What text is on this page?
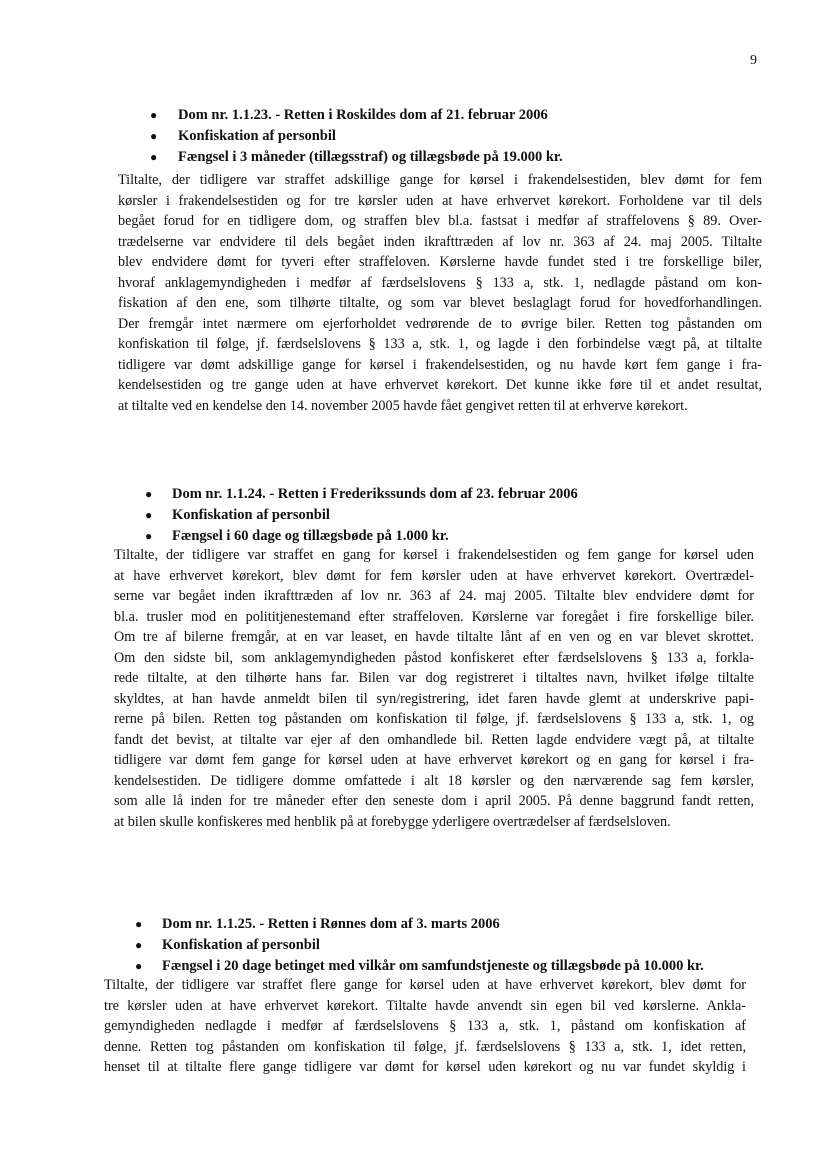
9
● Dom nr. 1.1.23. - Retten i Roskildes dom af 21. februar 2006
● Konfiskation af personbil
● Fængsel i 3 måneder (tillægsstraf) og tillægsbøde på 19.000 kr.

Tiltalte, der tidligere var straffet adskillige gange for kørsel i frakendelsestiden, blev dømt for fem
kørsler i frakendelsestiden og for tre kørsler uden at have erhvervet kørekort. Forholdene var til dels
begået forud for en tidligere dom, og straffen blev bl.a. fastsat i medfør af straffelovens § 89. Over-
trædelserne var endvidere til dels begået inden ikrafttræden af lov nr. 363 af 24. maj 2005. Tiltalte
blev endvidere dømt for tyveri efter straffeloven. Kørslerne havde fundet sted i tre forskellige biler,
hvoraf anklagemyndigheden i medfør af færdselslovens § 133 a, stk. 1, nedlagde påstand om kon-
fiskation af den ene, som tilhørte tiltalte, og som var blevet beslaglagt forud for hovedforhandlingen.
Der fremgår intet nærmere om ejerforholdet vedrørende de to øvrige biler. Retten tog påstanden om
konfiskation til følge, jf. færdselslovens § 133 a, stk. 1, og lagde i den forbindelse vægt på, at tiltalte
tidligere var dømt adskillige gange for kørsel i frakendelsestiden, og nu havde kørt fem gange i fra-
kendelsestiden og tre gange uden at have erhvervet kørekort. Det kunne ikke føre til et andet resultat,
at tiltalte ved en kendelse den 14. november 2005 havde fået gengivet retten til at erhverve kørekort.

● Dom nr. 1.1.24. - Retten i Frederikssunds dom af 23. februar 2006
● Konfiskation af personbil
● Fængsel i 60 dage og tillægsbøde på 1.000 kr.

Tiltalte, der tidligere var straffet en gang for kørsel i frakendelsestiden og fem gange for kørsel uden
at have erhvervet kørekort, blev dømt for fem kørsler uden at have erhvervet kørekort. Overtrædel-
serne var begået inden ikrafttræden af lov nr. 363 af 24. maj 2005. Tiltalte blev endvidere dømt for
bl.a. trusler mod en polititjenestemand efter straffeloven. Kørslerne var foregået i fire forskellige biler.
Om tre af bilerne fremgår, at en var leaset, en havde tiltalte lånt af en ven og en var blevet skrottet.
Om den sidste bil, som anklagemyndigheden påstod konfiskeret efter færdselslovens § 133 a, forkla-
rede tiltalte, at den tilhørte hans far. Bilen var dog registreret i tiltaltes navn, hvilket ifølge tiltalte
skyldtes, at han havde anmeldt bilen til syn/registrering, idet faren havde glemt at underskrive papi-
rerne på bilen. Retten tog påstanden om konfiskation til følge, jf. færdselslovens § 133 a, stk. 1, og
fandt det bevist, at tiltalte var ejer af den omhandlede bil. Retten lagde endvidere vægt på, at tiltalte
tidligere var dømt fem gange for kørsel uden at have erhvervet kørekort og en gang for kørsel i fra-
kendelsestiden. De tidligere domme omfattede i alt 18 kørsler og den nærværende sag fem kørsler,
som alle lå inden for tre måneder efter den seneste dom i april 2005. På denne baggrund fandt retten,
at bilen skulle konfiskeres med henblik på at forebygge yderligere overtrædelser af færdselsloven.

● Dom nr. 1.1.25. - Retten i Rønnes dom af 3. marts 2006
● Konfiskation af personbil
● Fængsel i 20 dage betinget med vilkår om samfundstjeneste og tillægsbøde på 10.000 kr.

Tiltalte, der tidligere var straffet flere gange for kørsel uden at have erhvervet kørekort, blev dømt for
tre kørsler uden at have erhvervet kørekort. Tiltalte havde anvendt sin egen bil ved kørslerne. Ankla-
gemyndigheden nedlagde i medfør af færdselslovens § 133 a, stk. 1, påstand om konfiskation af
denne. Retten tog påstanden om konfiskation til følge, jf. færdselslovens § 133 a, stk. 1, idet retten,
henset til at tiltalte flere gange tidligere var dømt for kørsel uden kørekort og nu var fundet skyldig i
